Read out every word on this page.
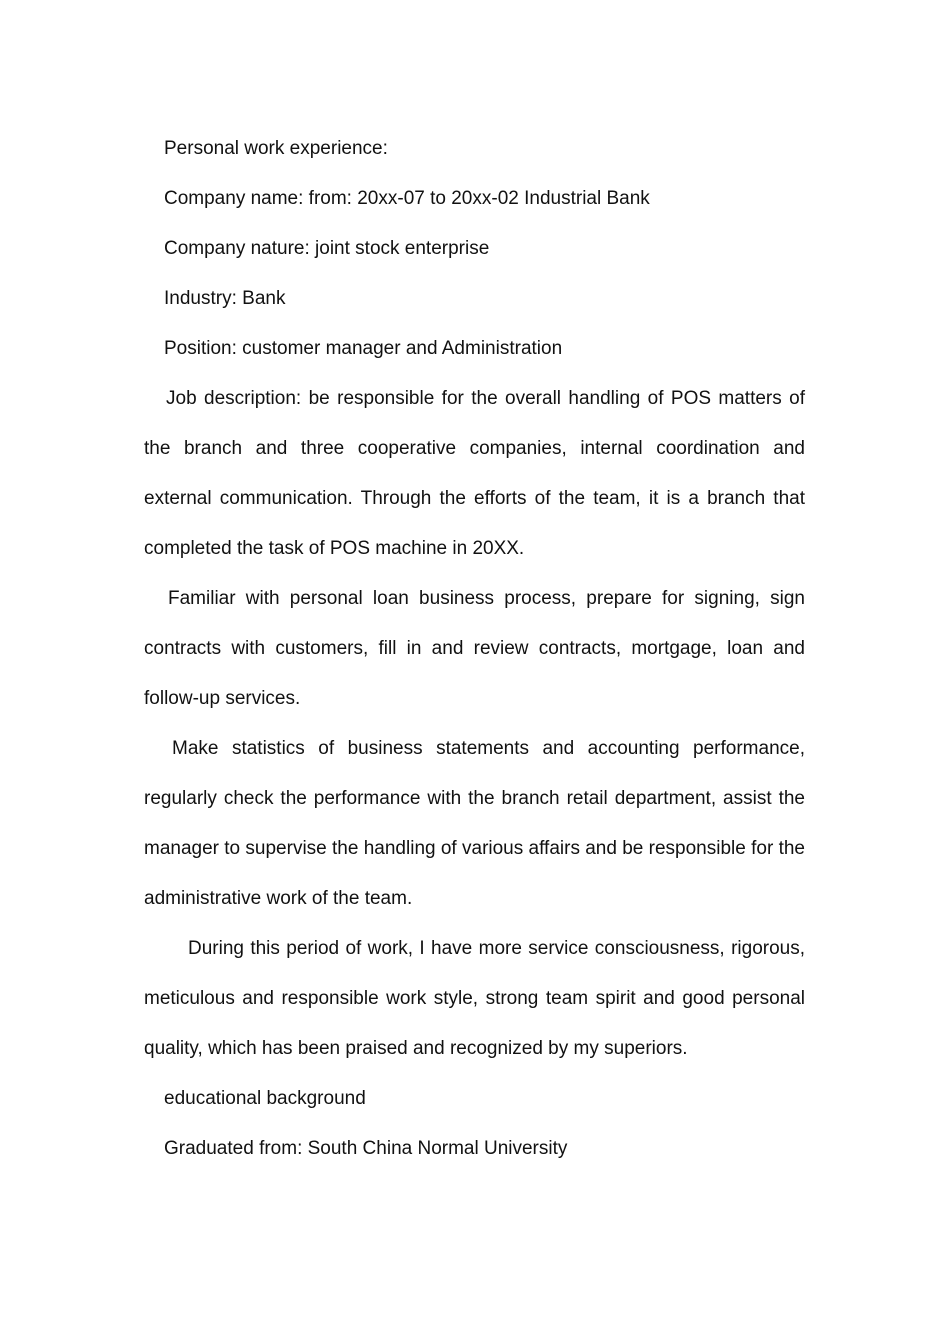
Personal work experience:

Company name: from: 20xx-07 to 20xx-02 Industrial Bank

Company nature: joint stock enterprise

Industry: Bank

Position: customer manager and Administration

Job description: be responsible for the overall handling of POS matters of the branch and three cooperative companies, internal coordination and external communication. Through the efforts of the team, it is a branch that completed the task of POS machine in 20XX.

Familiar with personal loan business process, prepare for signing, sign contracts with customers, fill in and review contracts, mortgage, loan and follow-up services.

Make statistics of business statements and accounting performance, regularly check the performance with the branch retail department, assist the manager to supervise the handling of various affairs and be responsible for the administrative work of the team.

During this period of work, I have more service consciousness, rigorous, meticulous and responsible work style, strong team spirit and good personal quality, which has been praised and recognized by my superiors.

educational background

Graduated from: South China Normal University
